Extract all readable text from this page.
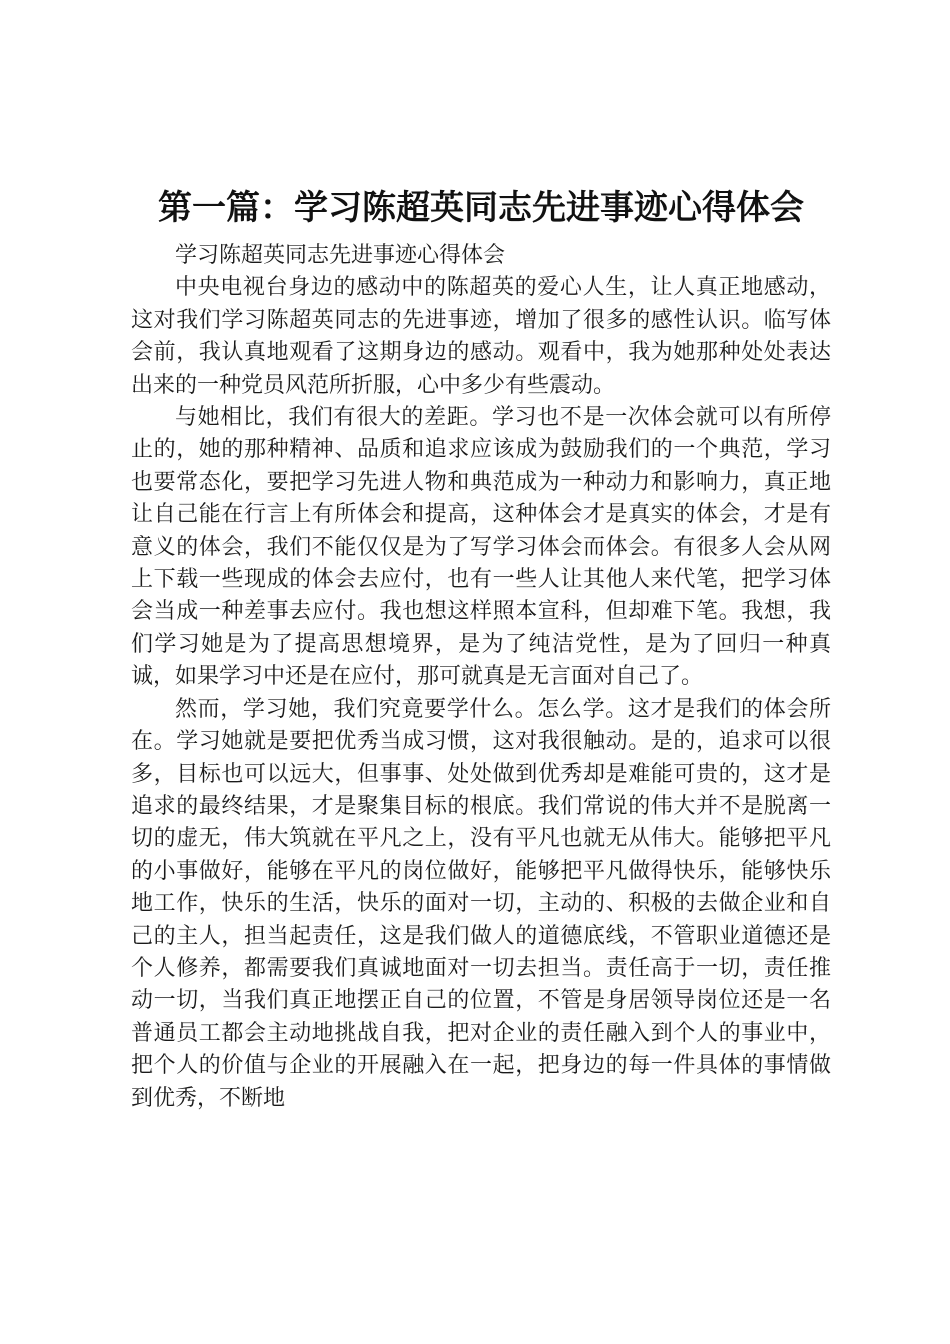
第一篇：学习陈超英同志先进事迹心得体会

学习陈超英同志先进事迹心得体会

中央电视台身边的感动中的陈超英的爱心人生，让人真正地感动，这对我们学习陈超英同志的先进事迹，增加了很多的感性认识。临写体会前，我认真地观看了这期身边的感动。观看中，我为她那种处处表达出来的一种党员风范所折服，心中多少有些震动。

与她相比，我们有很大的差距。学习也不是一次体会就可以有所停止的，她的那种精神、品质和追求应该成为鼓励我们的一个典范，学习也要常态化，要把学习先进人物和典范成为一种动力和影响力，真正地让自己能在行言上有所体会和提高，这种体会才是真实的体会，才是有意义的体会，我们不能仅仅是为了写学习体会而体会。有很多人会从网上下载一些现成的体会去应付，也有一些人让其他人来代笔，把学习体会当成一种差事去应付。我也想这样照本宣科，但却难下笔。我想，我们学习她是为了提高思想境界，是为了纯洁党性，是为了回归一种真诚，如果学习中还是在应付，那可就真是无言面对自己了。

然而，学习她，我们究竟要学什么。怎么学。这才是我们的体会所在。学习她就是要把优秀当成习惯，这对我很触动。是的，追求可以很多，目标也可以远大，但事事、处处做到优秀却是难能可贵的，这才是追求的最终结果，才是聚集目标的根底。我们常说的伟大并不是脱离一切的虚无，伟大筑就在平凡之上，没有平凡也就无从伟大。能够把平凡的小事做好，能够在平凡的岗位做好，能够把平凡做得快乐，能够快乐地工作，快乐的生活，快乐的面对一切，主动的、积极的去做企业和自己的主人，担当起责任，这是我们做人的道德底线，不管职业道德还是个人修养，都需要我们真诚地面对一切去担当。责任高于一切，责任推动一切，当我们真正地摆正自己的位置，不管是身居领导岗位还是一名普通员工都会主动地挑战自我，把对企业的责任融入到个人的事业中，把个人的价值与企业的开展融入在一起，把身边的每一件具体的事情做到优秀，不断地
